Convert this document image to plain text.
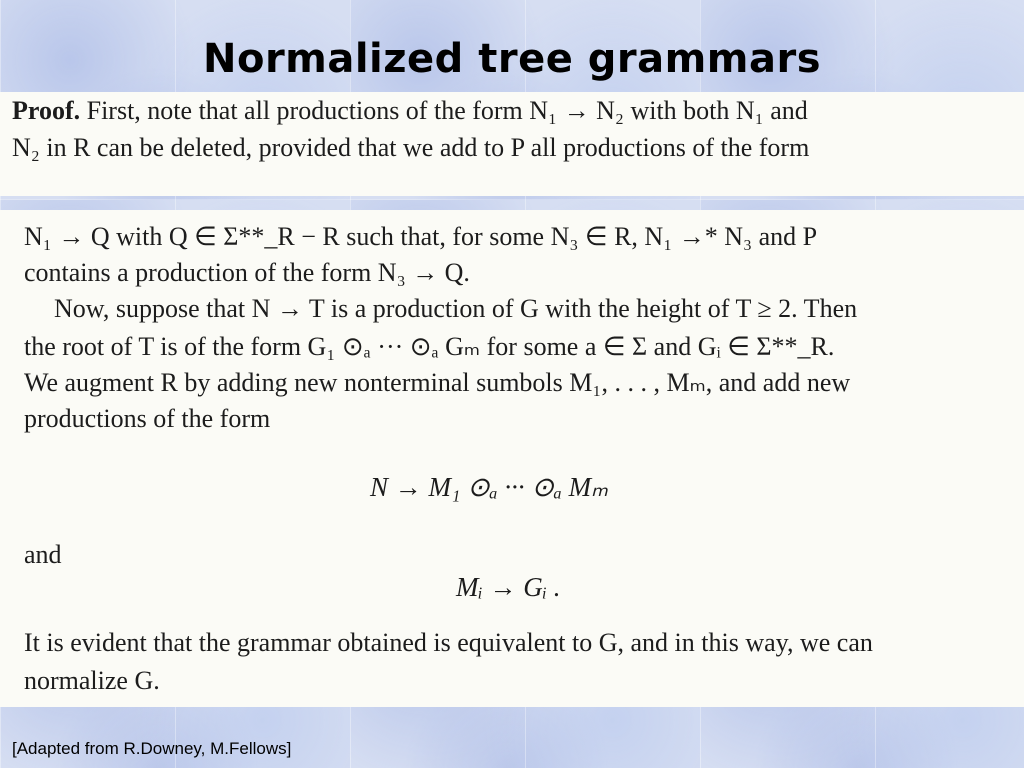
Normalized tree grammars
Proof. First, note that all productions of the form N₁ → N₂ with both N₁ and
N₂ in R can be deleted, provided that we add to P all productions of the form
N₁ → Q with Q ∈ Σ**_R − R such that, for some N₃ ∈ R, N₁ →* N₃ and P
contains a production of the form N₃ → Q.
Now, suppose that N → T is a production of G with the height of T ≥ 2. Then
the root of T is of the form G₁ ⊙ₐ ··· ⊙ₐ Gₘ for some a ∈ Σ and Gᵢ ∈ Σ**_R.
We augment R by adding new nonterminal sumbols M₁, . . . , Mₘ, and add new
productions of the form
N → M₁ ⊙ₐ ··· ⊙ₐ Mₘ
and
Mᵢ → Gᵢ .
It is evident that the grammar obtained is equivalent to G, and in this way, we can
normalize G.
[Adapted from R.Downey, M.Fellows]
